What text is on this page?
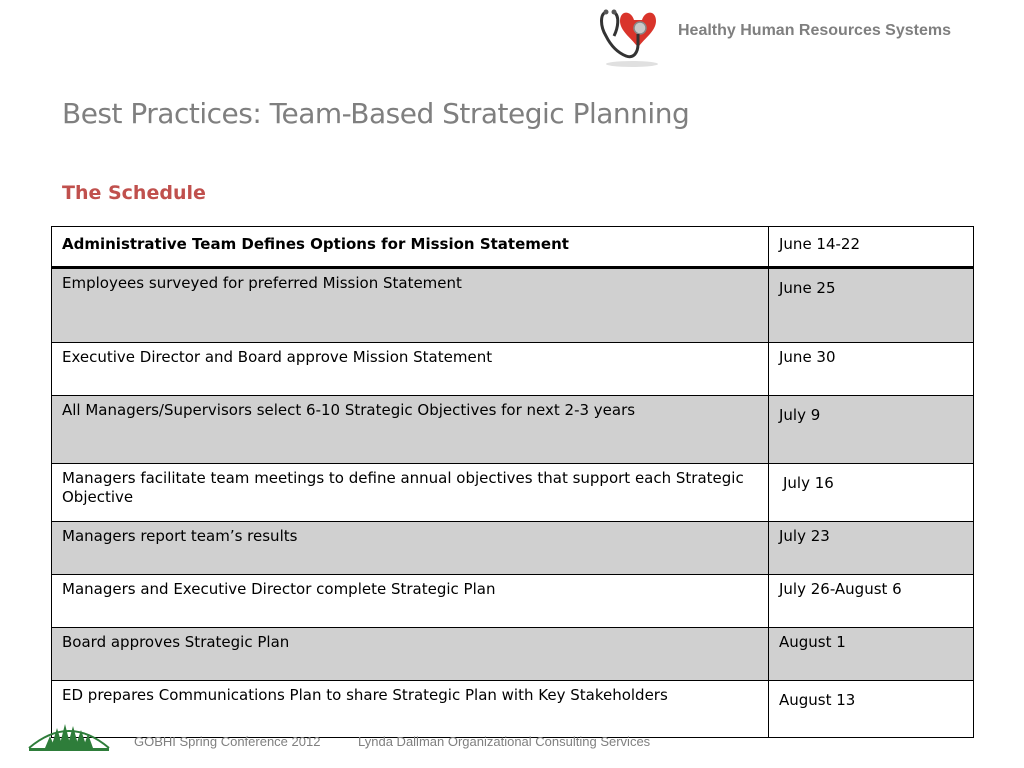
Healthy Human Resources Systems
Best Practices: Team-Based Strategic Planning
The Schedule
Administrative Team Defines Options for Mission Statement	June 14-22
Employees surveyed for preferred Mission Statement	June 25
Executive Director and Board approve Mission Statement	June 30
All Managers/Supervisors select 6-10 Strategic Objectives for next 2-3 years	July 9
Managers facilitate team meetings to define annual objectives that support each Strategic Objective	July 16
Managers report team’s results	July 23
Managers and Executive Director complete Strategic Plan	July 26-August 6
Board approves Strategic Plan	August 1
ED prepares Communications Plan to share Strategic Plan with Key Stakeholders	August 13
GOBHI Spring Conference 2012	Lynda Dallman Organizational Consulting Services
